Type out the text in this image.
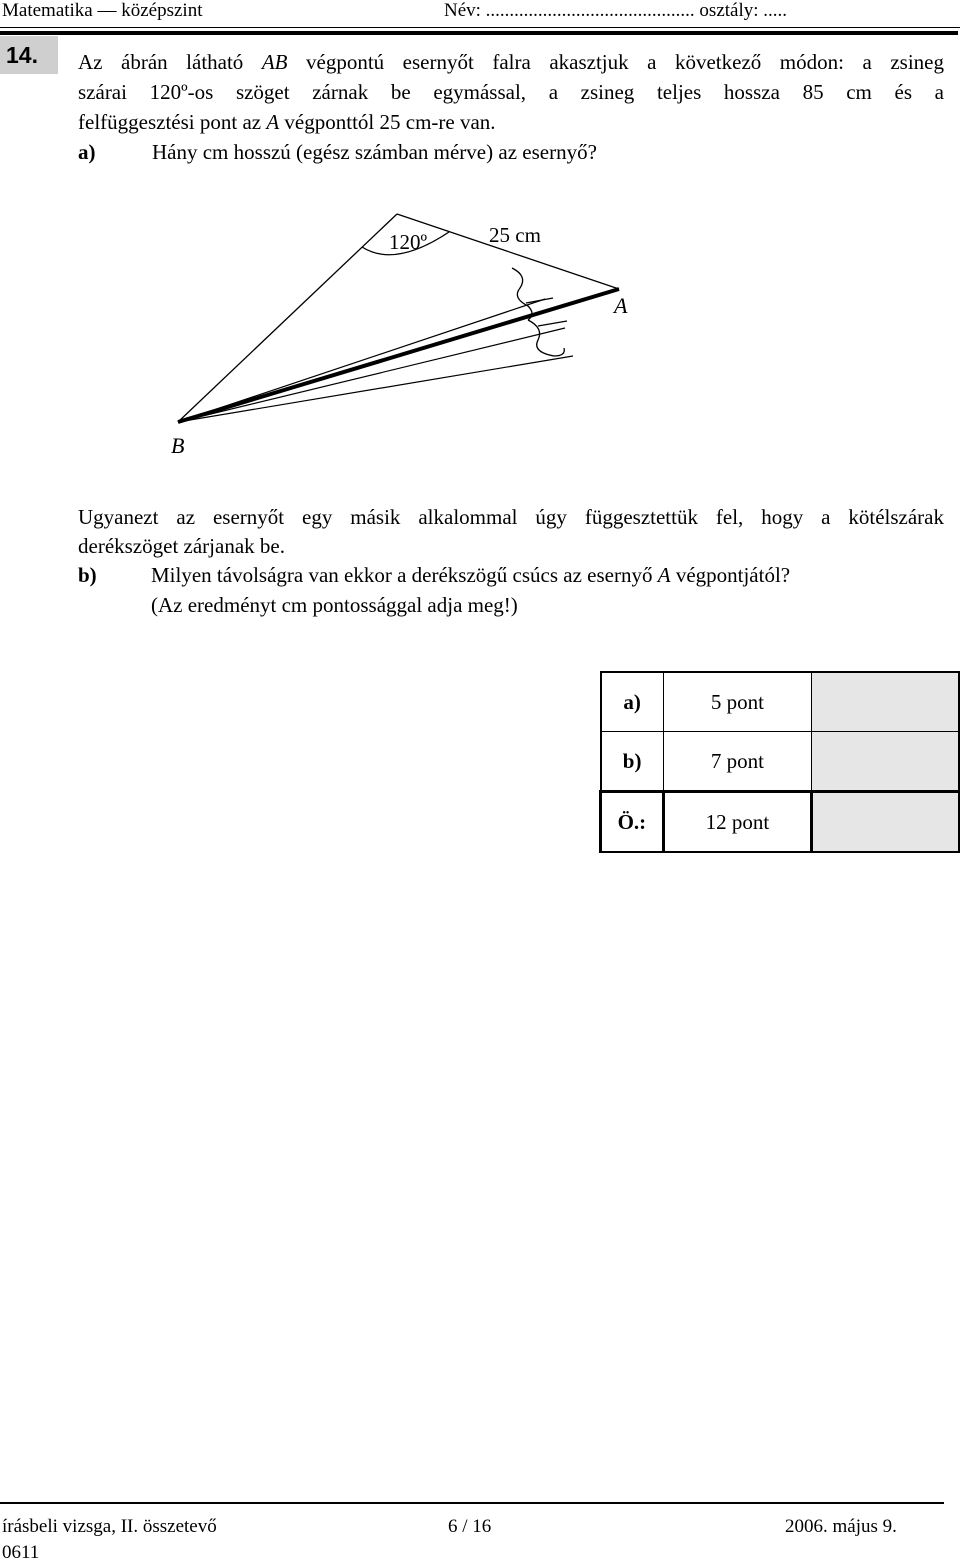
Matematika — középszint	Név: ............................................ osztály: .....
14. Az ábrán látható AB végpontú esernyőt falra akasztjuk a következő módon: a zsineg
szárai 120º-os szöget zárnak be egymással, a zsineg teljes hossza 85 cm és a
felfüggesztési pont az A végponttól 25 cm-re van.
a)	Hány cm hosszú (egész számban mérve) az esernyő?
120º	25 cm
A
B
Ugyanezt az esernyőt egy másik alkalommal úgy függesztettük fel, hogy a kötélszárak
derékszöget zárjanak be.
b)	Milyen távolságra van ekkor a derékszögű csúcs az esernyő A végpontjától?
(Az eredményt cm pontossággal adja meg!)
a)	5 pont	
b)	7 pont	
Ö.:	12 pont	
írásbeli vizsga, II. összetevő
0611
6 / 16	2006. május 9.
